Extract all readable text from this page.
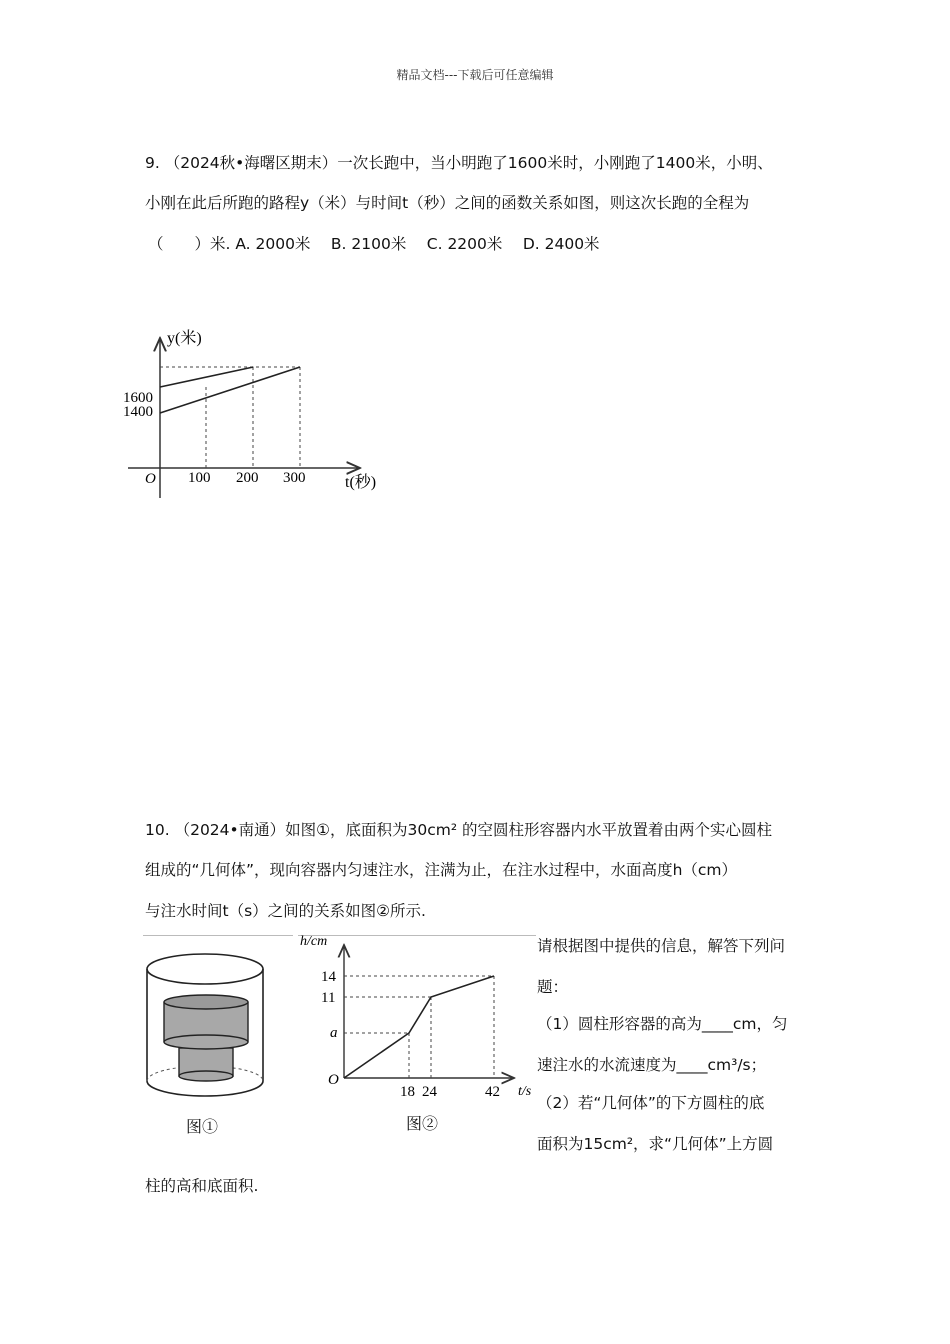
精品文档---下载后可任意编辑
9. （2024秋•海曙区期末）一次长跑中，当小明跑了1600米时，小刚跑了1400米，小明、
小刚在此后所跑的路程y（米）与时间t（秒）之间的函数关系如图，则这次长跑的全程为
（　　）米. A. 2000米　 B. 2100米　 C. 2200米　 D. 2400米
y(米)
t(秒)
O
1600
1400
100 200 300
10. （2024•南通）如图①，底面积为30cm² 的空圆柱形容器内水平放置着由两个实心圆柱
组成的“几何体”，现向容器内匀速注水，注满为止，在注水过程中，水面高度h（cm）
与注水时间t（s）之间的关系如图②所示.
图①
h/cm
t/s
O
14
11
a
18 24	42
图②
请根据图中提供的信息，解答下列问
题：
（1）圆柱形容器的高为____cm，匀
速注水的水流速度为____cm³/s；
（2）若“几何体”的下方圆柱的底
面积为15cm²，求“几何体”上方圆
柱的高和底面积.
